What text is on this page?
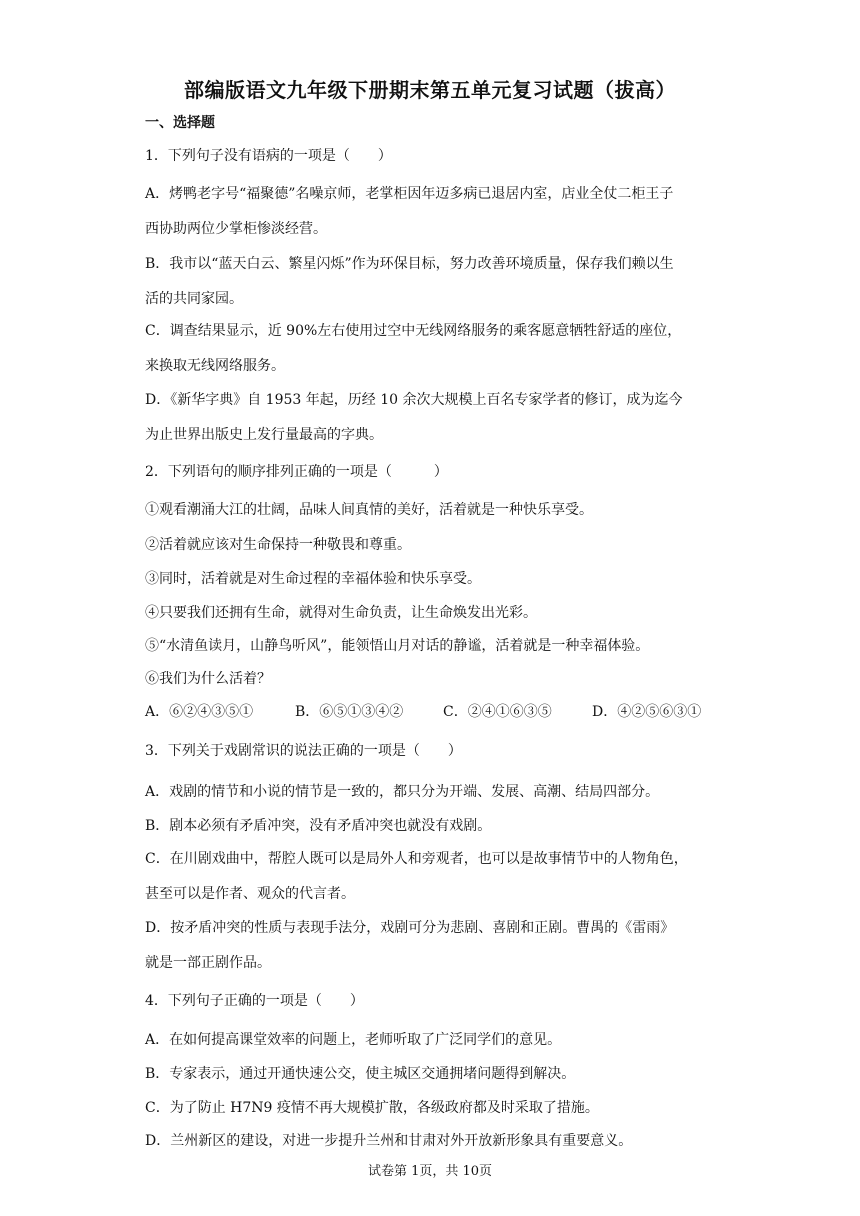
部编版语文九年级下册期末第五单元复习试题（拔高）
一、选择题
1．下列句子没有语病的一项是（　　）
A．烤鸭老字号“福聚德”名噪京师，老掌柜因年迈多病已退居内室，店业全仗二柜王子
西协助两位少掌柜惨淡经营。
B．我市以“蓝天白云、繁星闪烁”作为环保目标，努力改善环境质量，保存我们赖以生
活的共同家园。
C．调查结果显示，近 90%左右使用过空中无线网络服务的乘客愿意牺牲舒适的座位，
来换取无线网络服务。
D．《新华字典》自 1953 年起，历经 10 余次大规模上百名专家学者的修订，成为迄今
为止世界出版史上发行量最高的字典。
2．下列语句的顺序排列正确的一项是（　　　）
①观看潮涌大江的壮阔，品味人间真情的美好，活着就是一种快乐享受。
②活着就应该对生命保持一种敬畏和尊重。
③同时，活着就是对生命过程的幸福体验和快乐享受。
④只要我们还拥有生命，就得对生命负责，让生命焕发出光彩。
⑤“水清鱼读月，山静鸟听风”，能领悟山月对话的静谧，活着就是一种幸福体验。
⑥我们为什么活着？
A．⑥②④③⑤①	B．⑥⑤①③④②	C．②④①⑥③⑤	D．④②⑤⑥③①
3．下列关于戏剧常识的说法正确的一项是（　　）
A．戏剧的情节和小说的情节是一致的，都只分为开端、发展、高潮、结局四部分。
B．剧本必须有矛盾冲突，没有矛盾冲突也就没有戏剧。
C．在川剧戏曲中，帮腔人既可以是局外人和旁观者，也可以是故事情节中的人物角色，
甚至可以是作者、观众的代言者。
D．按矛盾冲突的性质与表现手法分，戏剧可分为悲剧、喜剧和正剧。曹禺的《雷雨》
就是一部正剧作品。
4．下列句子正确的一项是（　　）
A．在如何提高课堂效率的问题上，老师听取了广泛同学们的意见。
B．专家表示，通过开通快速公交，使主城区交通拥堵问题得到解决。
C．为了防止 H7N9 疫情不再大规模扩散，各级政府都及时采取了措施。
D．兰州新区的建设，对进一步提升兰州和甘肃对外开放新形象具有重要意义。
试卷第 1页，共 10页
